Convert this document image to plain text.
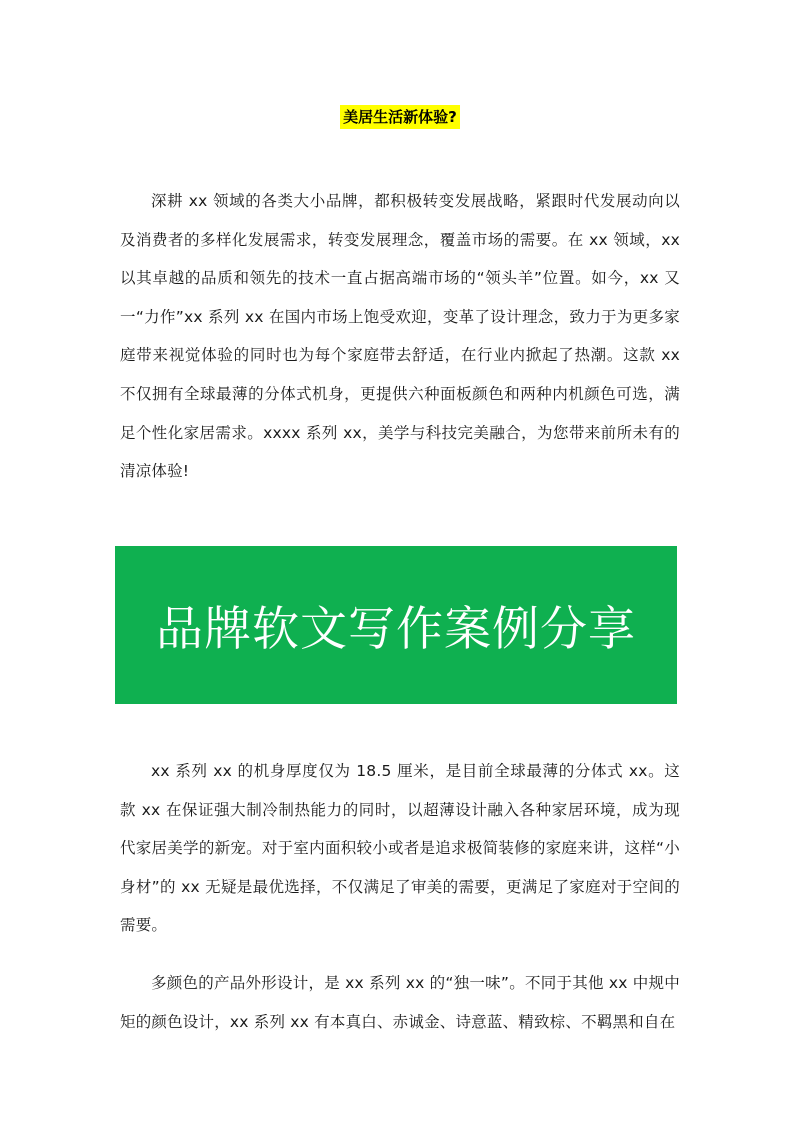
美居生活新体验?

深耕 xx 领域的各类大小品牌，都积极转变发展战略，紧跟时代发展动向以及消费者的多样化发展需求，转变发展理念，覆盖市场的需要。在 xx 领域，xx 以其卓越的品质和领先的技术一直占据高端市场的“领头羊”位置。如今，xx 又一“力作”xx 系列 xx 在国内市场上饱受欢迎，变革了设计理念，致力于为更多家庭带来视觉体验的同时也为每个家庭带去舒适，在行业内掀起了热潮。这款 xx 不仅拥有全球最薄的分体式机身，更提供六种面板颜色和两种内机颜色可选，满足个性化家居需求。xxxx 系列 xx，美学与科技完美融合，为您带来前所未有的清凉体验!

品牌软文写作案例分享

xx 系列 xx 的机身厚度仅为 18.5 厘米，是目前全球最薄的分体式 xx。这款 xx 在保证强大制冷制热能力的同时，以超薄设计融入各种家居环境，成为现代家居美学的新宠。对于室内面积较小或者是追求极简装修的家庭来讲，这样“小身材”的 xx 无疑是最优选择，不仅满足了审美的需要，更满足了家庭对于空间的需要。

多颜色的产品外形设计，是 xx 系列 xx 的“独一味”。不同于其他 xx 中规中矩的颜色设计，xx 系列 xx 有本真白、赤诚金、诗意蓝、精致棕、不羁黑和自在
